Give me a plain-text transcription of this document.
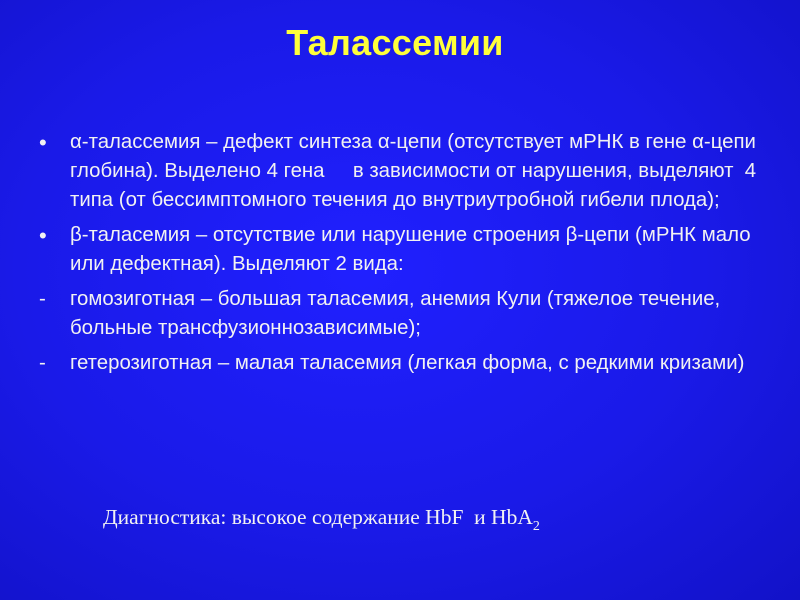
Талассемии
•	α-талассемия – дефект синтеза α-цепи (отсутствует мРНК в гене α-цепи глобина). Выделено 4 гена     в зависимости от нарушения, выделяют  4 типа (от бессимптомного течения до внутриутробной гибели плода);
•	β-таласемия – отсутствие или нарушение строения β-цепи (мРНК мало или дефектная). Выделяют 2 вида:
-	гомозиготная – большая таласемия, анемия Кули (тяжелое течение, больные трансфузионнозависимые);
-	гетерозиготная – малая таласемия (легкая форма, с редкими кризами)
Диагностика: высокое содержание HbF  и HbA$_2$
